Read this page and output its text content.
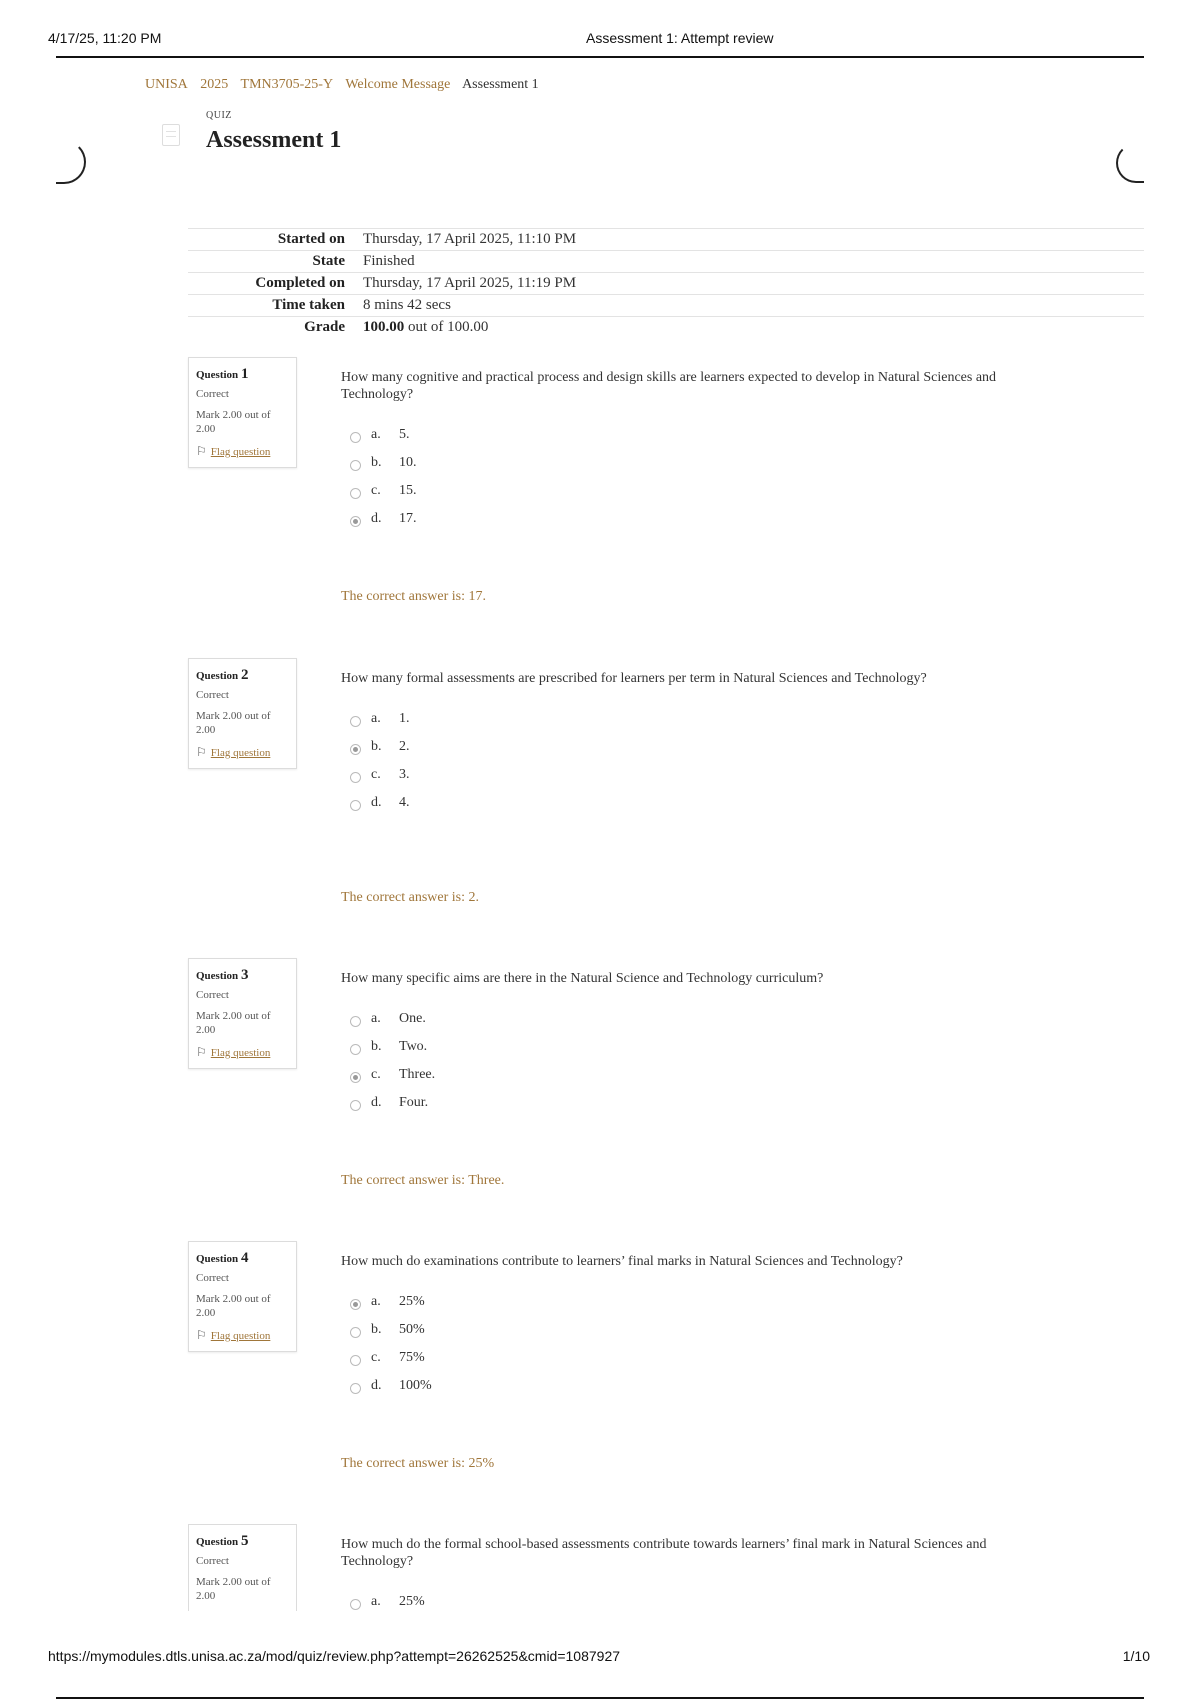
4/17/25, 11:20 PM	Assessment 1: Attempt review
UNISA 2025 TMN3705-25-Y Welcome Message Assessment 1
QUIZ
Assessment 1
Started on	Thursday, 17 April 2025, 11:10 PM
State	Finished
Completed on	Thursday, 17 April 2025, 11:19 PM
Time taken	8 mins 42 secs
Grade	100.00 out of 100.00
Question 1
Correct
Mark 2.00 out of 2.00
⚐ Flag question
How many cognitive and practical process and design skills are learners expected to develop in Natural Sciences and Technology?
a.	5.
b.	10.
c.	15.
d.	17.
The correct answer is: 17.
Question 2
Correct
Mark 2.00 out of 2.00
⚐ Flag question
How many formal assessments are prescribed for learners per term in Natural Sciences and Technology?
a.	1.
b.	2.
c.	3.
d.	4.
The correct answer is: 2.
Question 3
Correct
Mark 2.00 out of 2.00
⚐ Flag question
How many specific aims are there in the Natural Science and Technology curriculum?
a.	One.
b.	Two.
c.	Three.
d.	Four.
The correct answer is: Three.
Question 4
Correct
Mark 2.00 out of 2.00
⚐ Flag question
How much do examinations contribute to learners’ final marks in Natural Sciences and Technology?
a.	25%
b.	50%
c.	75%
d.	100%
The correct answer is: 25%
Question 5
Correct
Mark 2.00 out of 2.00
How much do the formal school-based assessments contribute towards learners’ final mark in Natural Sciences and Technology?
a.	25%
https://mymodules.dtls.unisa.ac.za/mod/quiz/review.php?attempt=26262525&cmid=1087927	1/10
